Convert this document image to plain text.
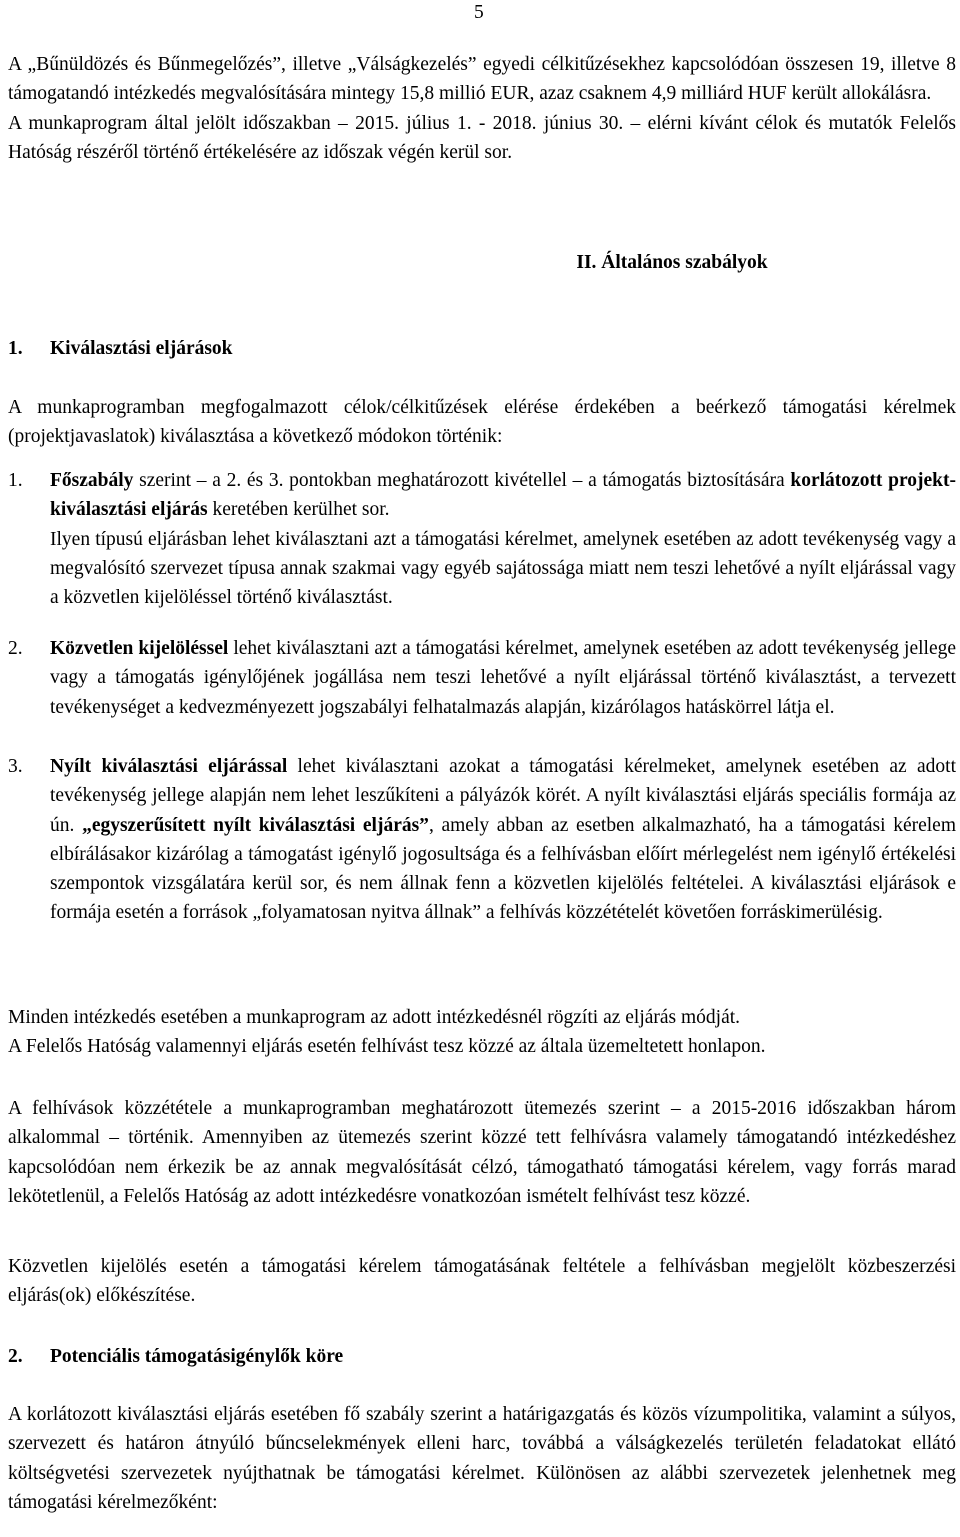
5

A „Bűnüldözés és Bűnmegelőzés”, illetve „Válságkezelés” egyedi célkitűzésekhez kapcsolódóan összesen 19, illetve 8 támogatandó intézkedés megvalósítására mintegy 15,8 millió EUR, azaz csaknem 4,9 milliárd HUF került allokálásra.

A munkaprogram által jelölt időszakban – 2015. július 1. - 2018. június 30. – elérni kívánt célok és mutatók Felelős Hatóság részéről történő értékelésére az időszak végén kerül sor.

II. Általános szabályok
1. Kiválasztási eljárások
A munkaprogramban megfogalmazott célok/célkitűzések elérése érdekében a beérkező támogatási kérelmek (projektjavaslatok) kiválasztása a következő módokon történik:
1. Főszabály szerint – a 2. és 3. pontokban meghatározott kivétellel – a támogatás biztosítására korlátozott projekt-kiválasztási eljárás keretében kerülhet sor.

Ilyen típusú eljárásban lehet kiválasztani azt a támogatási kérelmet, amelynek esetében az adott tevékenység vagy a megvalósító szervezet típusa annak szakmai vagy egyéb sajátossága miatt nem teszi lehetővé a nyílt eljárással vagy a közvetlen kijelöléssel történő kiválasztást.

2. Közvetlen kijelöléssel lehet kiválasztani azt a támogatási kérelmet, amelynek esetében az adott tevékenység jellege vagy a támogatás igénylőjének jogállása nem teszi lehetővé a nyílt eljárással történő kiválasztást, a tervezett tevékenységet a kedvezményezett jogszabályi felhatalmazás alapján, kizárólagos hatáskörrel látja el.

3. Nyílt kiválasztási eljárással lehet kiválasztani azokat a támogatási kérelmeket, amelynek esetében az adott tevékenység jellege alapján nem lehet leszűkíteni a pályázók körét. A nyílt kiválasztási eljárás speciális formája az ún. „egyszerűsített nyílt kiválasztási eljárás”, amely abban az esetben alkalmazható, ha a támogatási kérelem elbírálásakor kizárólag a támogatást igénylő jogosultsága és a felhívásban előírt mérlegelést nem igénylő értékelési szempontok vizsgálatára kerül sor, és nem állnak fenn a közvetlen kijelölés feltételei. A kiválasztási eljárások e formája esetén a források „folyamatosan nyitva állnak” a felhívás közzétételét követően forráskimerülésig.

Minden intézkedés esetében a munkaprogram az adott intézkedésnél rögzíti az eljárás módját.

A Felelős Hatóság valamennyi eljárás esetén felhívást tesz közzé az általa üzemeltetett honlapon.

A felhívások közzététele a munkaprogramban meghatározott ütemezés szerint – a 2015-2016 időszakban három alkalommal – történik. Amennyiben az ütemezés szerint közzé tett felhívásra valamely támogatandó intézkedéshez kapcsolódóan nem érkezik be az annak megvalósítását célzó, támogatható támogatási kérelem, vagy forrás marad lekötetlenül, a Felelős Hatóság az adott intézkedésre vonatkozóan ismételt felhívást tesz közzé.
Közvetlen kijelölés esetén a támogatási kérelem támogatásának feltétele a felhívásban megjelölt közbeszerzési eljárás(ok) előkészítése.
2. Potenciális támogatásigénylők köre
A korlátozott kiválasztási eljárás esetében fő szabály szerint a határigazgatás és közös vízumpolitika, valamint a súlyos, szervezett és határon átnyúló bűncselekmények elleni harc, továbbá a válságkezelés területén feladatokat ellátó költségvetési szervezetek nyújthatnak be támogatási kérelmet. Különösen az alábbi szervezetek jelenhetnek meg támogatási kérelmezőként:
